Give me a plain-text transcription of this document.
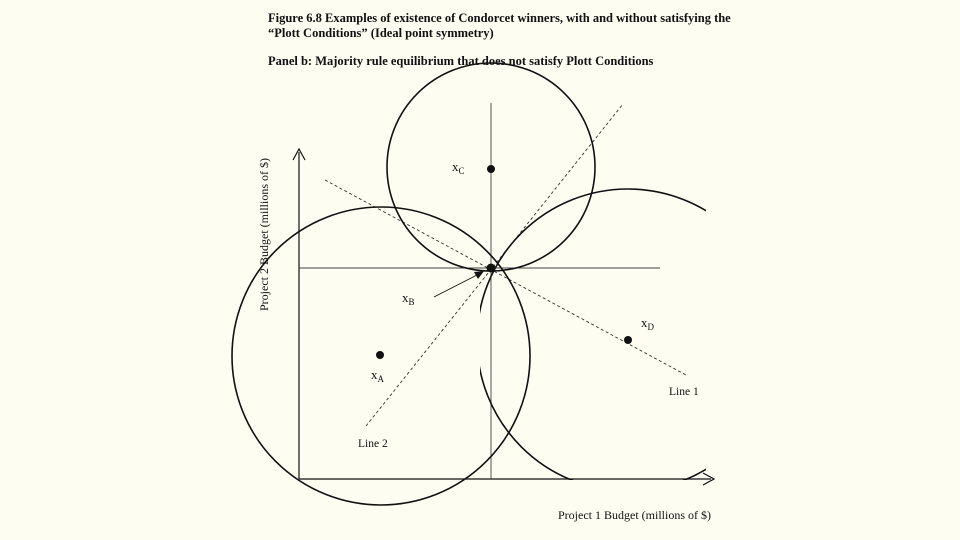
Figure 6.8 Examples of existence of Condorcet winners, with and without satisfying the “Plott Conditions” (Ideal point symmetry)

Panel b: Majority rule equilibrium that does not satisfy Plott Conditions

$x_C$
$x_B$
$x_D$
$x_A$
Line 1
Line 2
Project 1 Budget (millions of $)
Project 2 Budget (millions of $)
